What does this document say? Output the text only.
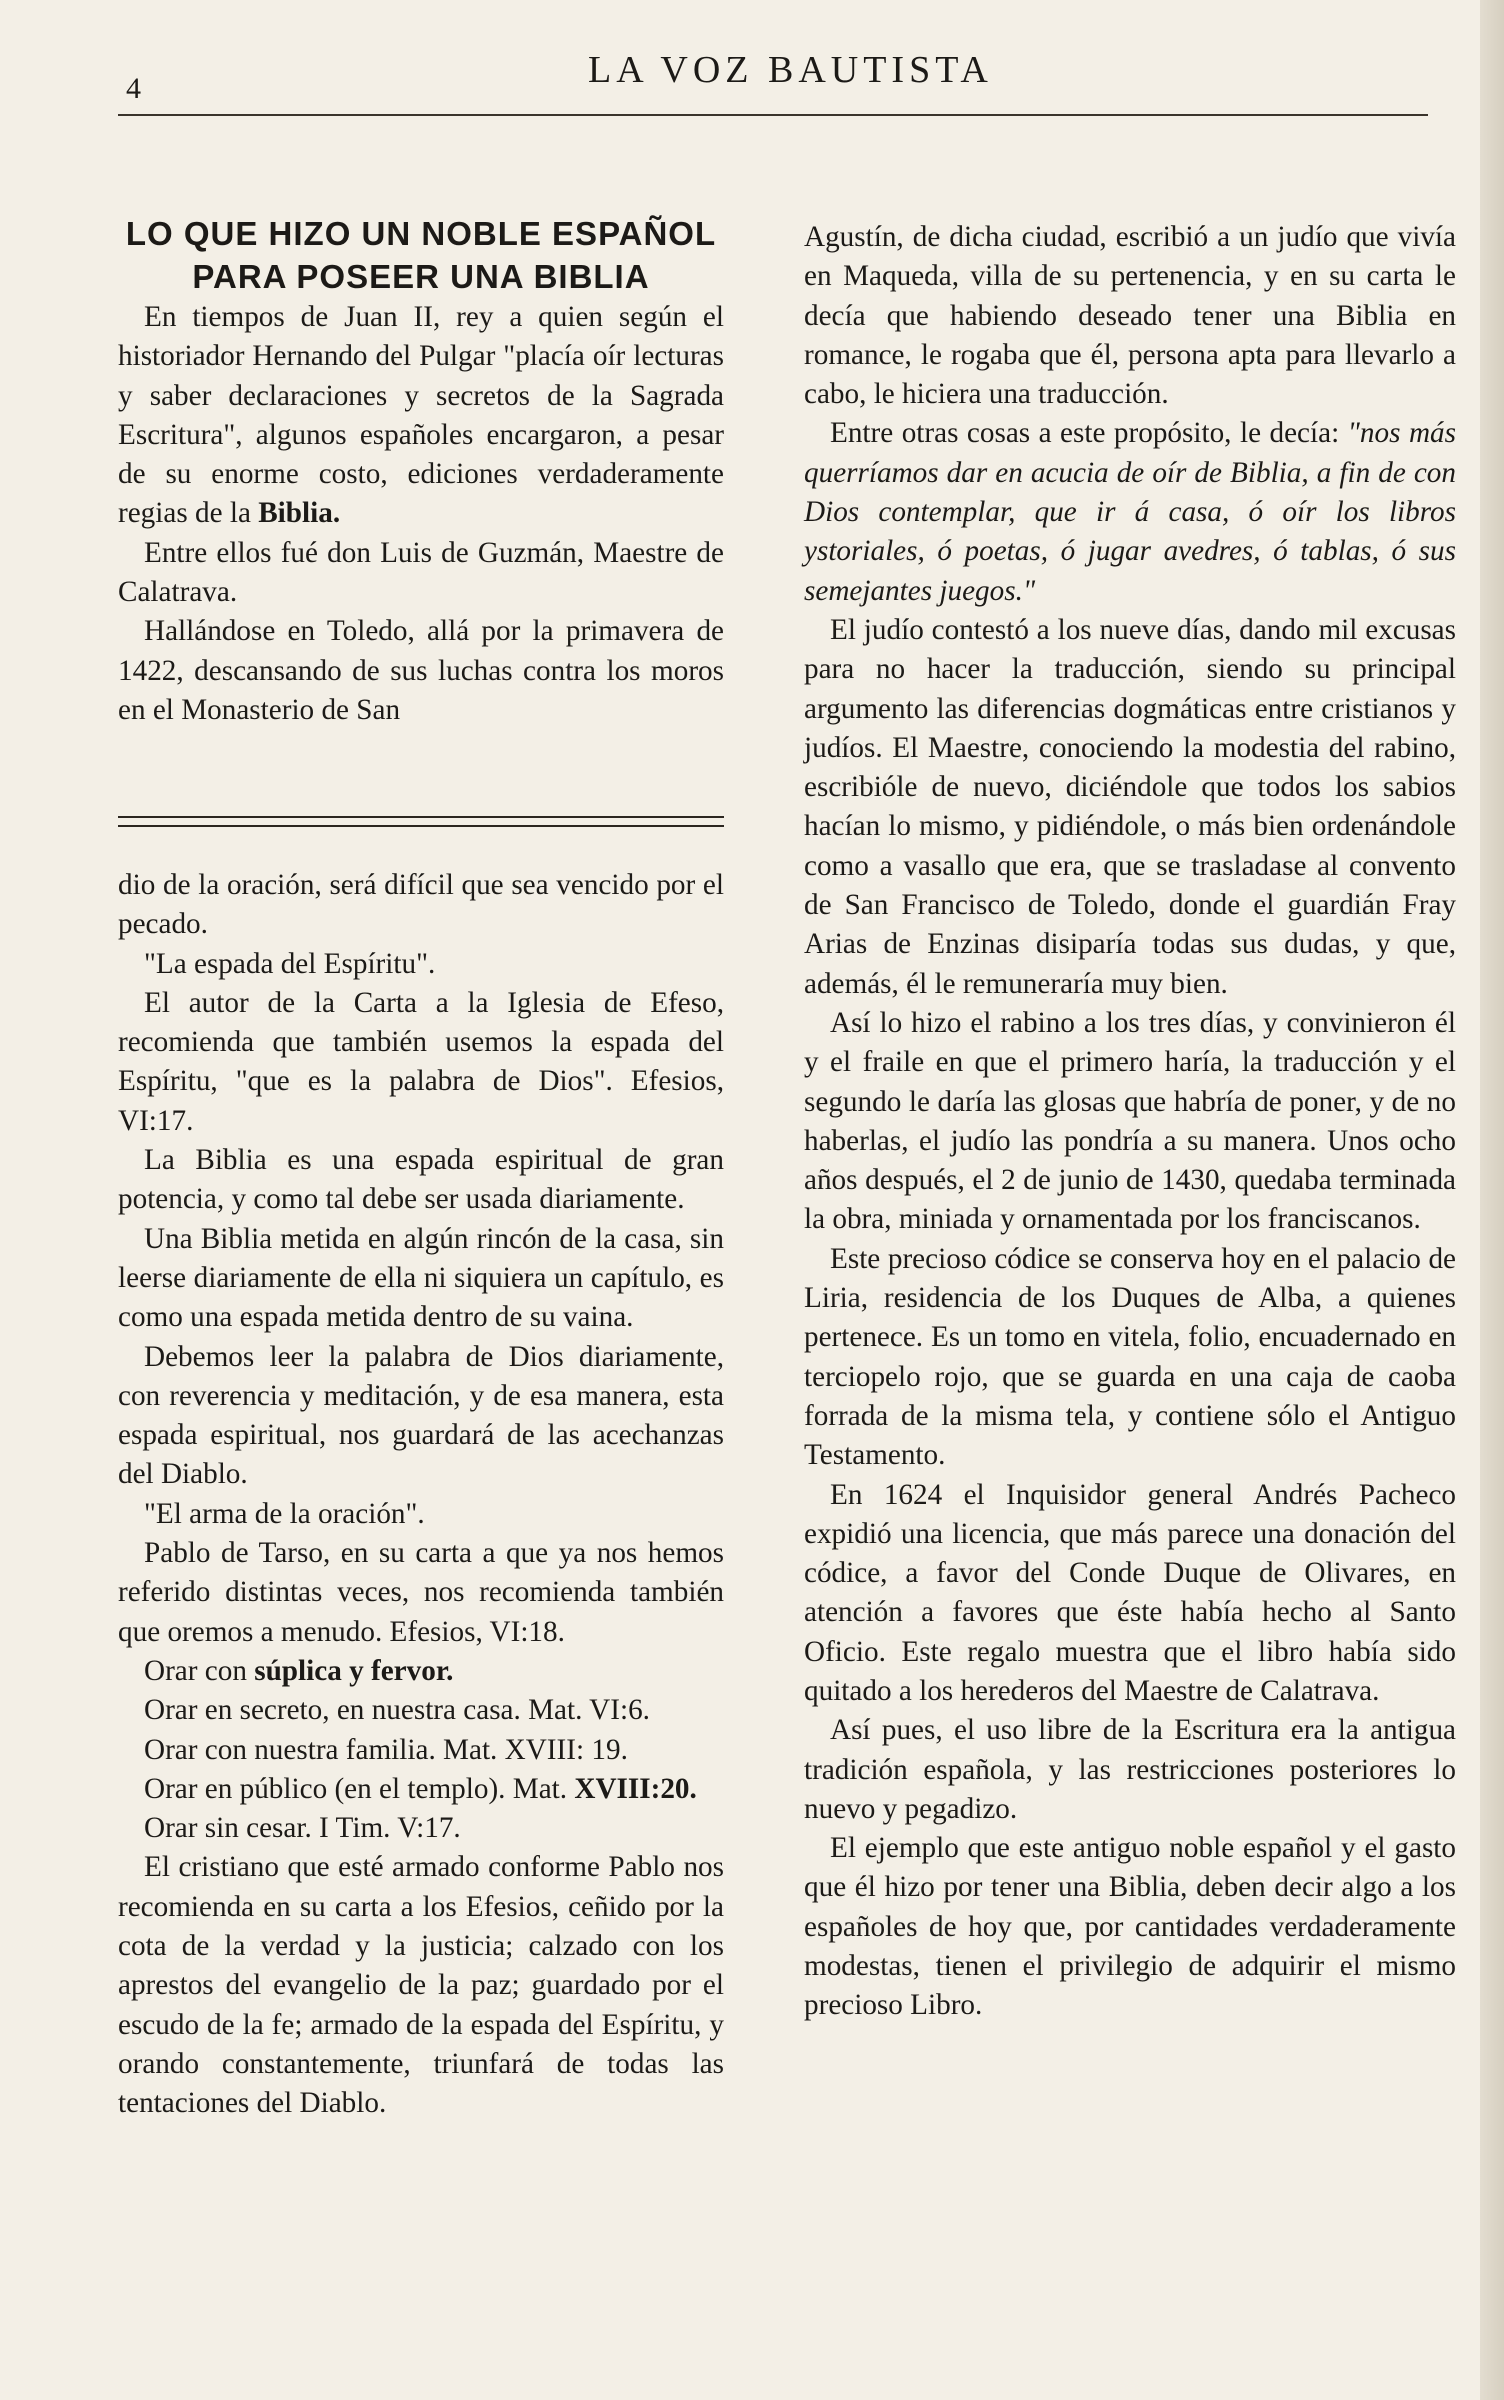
4	LA VOZ BAUTISTA
LO QUE HIZO UN NOBLE ESPAÑOL
PARA POSEER UNA BIBLIA

En tiempos de Juan II, rey a quien según el historiador Hernando del Pulgar "placía oír lecturas y saber declaraciones y secretos de la Sagrada Escritura", algunos españoles encargaron, a pesar de su enorme costo, ediciones verdaderamente regias de la Biblia.

Entre ellos fué don Luis de Guzmán, Maestre de Calatrava.

Hallándose en Toledo, allá por la primavera de 1422, descansando de sus luchas contra los moros en el Monasterio de San

dio de la oración, será difícil que sea vencido por el pecado.

"La espada del Espíritu".

El autor de la Carta a la Iglesia de Efeso, recomienda que también usemos la espada del Espíritu, "que es la palabra de Dios". Efesios, VI:17.

La Biblia es una espada espiritual de gran potencia, y como tal debe ser usada diariamente.

Una Biblia metida en algún rincón de la casa, sin leerse diariamente de ella ni siquiera un capítulo, es como una espada metida dentro de su vaina.

Debemos leer la palabra de Dios diariamente, con reverencia y meditación, y de esa manera, esta espada espiritual, nos guardará de las acechanzas del Diablo.

"El arma de la oración".

Pablo de Tarso, en su carta a que ya nos hemos referido distintas veces, nos recomienda también que oremos a menudo. Efesios, VI:18.

Orar con súplica y fervor.

Orar en secreto, en nuestra casa. Mat. VI:6.

Orar con nuestra familia. Mat. XVIII: 19.

Orar en público (en el templo). Mat. XVIII:20.

Orar sin cesar. I Tim. V:17.

El cristiano que esté armado conforme Pablo nos recomienda en su carta a los Efesios, ceñido por la cota de la verdad y la justicia; calzado con los aprestos del evangelio de la paz; guardado por el escudo de la fe; armado de la espada del Espíritu, y orando constantemente, triunfará de todas las tentaciones del Diablo.

Agustín, de dicha ciudad, escribió a un judío que vivía en Maqueda, villa de su pertenencia, y en su carta le decía que habiendo deseado tener una Biblia en romance, le rogaba que él, persona apta para llevarlo a cabo, le hiciera una traducción.

Entre otras cosas a este propósito, le decía: "nos más querríamos dar en acucia de oír de Biblia, a fin de con Dios contemplar, que ir á casa, ó oír los libros ystoriales, ó poetas, ó jugar avedres, ó tablas, ó sus semejantes juegos."

El judío contestó a los nueve días, dando mil excusas para no hacer la traducción, siendo su principal argumento las diferencias dogmáticas entre cristianos y judíos. El Maestre, conociendo la modestia del rabino, escribióle de nuevo, diciéndole que todos los sabios hacían lo mismo, y pidiéndole, o más bien ordenándole como a vasallo que era, que se trasladase al convento de San Francisco de Toledo, donde el guardián Fray Arias de Enzinas disiparía todas sus dudas, y que, además, él le remuneraría muy bien.

Así lo hizo el rabino a los tres días, y convinieron él y el fraile en que el primero haría, la traducción y el segundo le daría las glosas que habría de poner, y de no haberlas, el judío las pondría a su manera. Unos ocho años después, el 2 de junio de 1430, quedaba terminada la obra, miniada y ornamentada por los franciscanos.

Este precioso códice se conserva hoy en el palacio de Liria, residencia de los Duques de Alba, a quienes pertenece. Es un tomo en vitela, folio, encuadernado en terciopelo rojo, que se guarda en una caja de caoba forrada de la misma tela, y contiene sólo el Antiguo Testamento.

En 1624 el Inquisidor general Andrés Pacheco expidió una licencia, que más parece una donación del códice, a favor del Conde Duque de Olivares, en atención a favores que éste había hecho al Santo Oficio. Este regalo muestra que el libro había sido quitado a los herederos del Maestre de Calatrava.

Así pues, el uso libre de la Escritura era la antigua tradición española, y las restricciones posteriores lo nuevo y pegadizo.

El ejemplo que este antiguo noble español y el gasto que él hizo por tener una Biblia, deben decir algo a los españoles de hoy que, por cantidades verdaderamente modestas, tienen el privilegio de adquirir el mismo precioso Libro.
